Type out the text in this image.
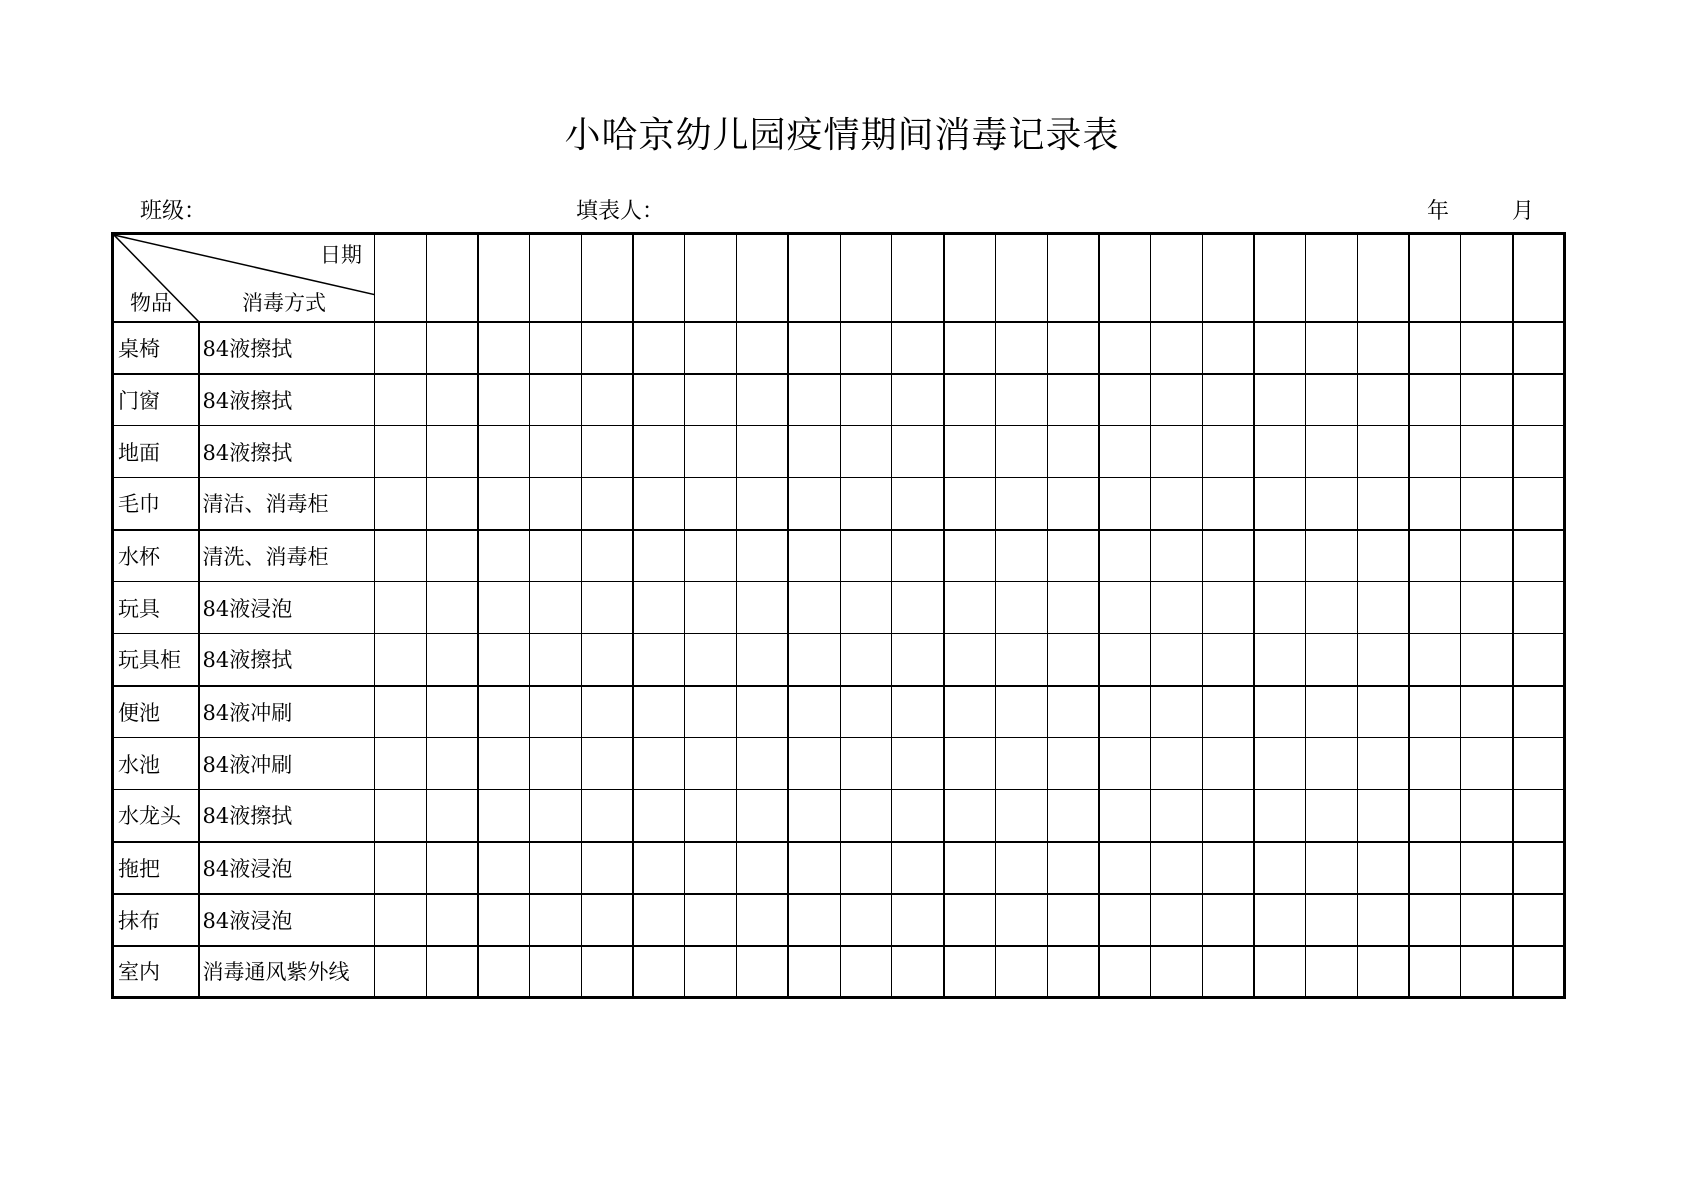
小哈京幼儿园疫情期间消毒记录表
班级：	填表人：	年	月
日期
物品 消毒方式																								

桌椅	84液擦拭																							
门窗	84液擦拭																							
地面	84液擦拭																							
毛巾	清洁、消毒柜																							
水杯	清洗、消毒柜																							
玩具	84液浸泡																							
玩具柜	84液擦拭																							
便池	84液冲刷																							
水池	84液冲刷																							
水龙头	84液擦拭																							
拖把	84液浸泡																							
抹布	84液浸泡																							
室内	消毒通风紫外线																							
